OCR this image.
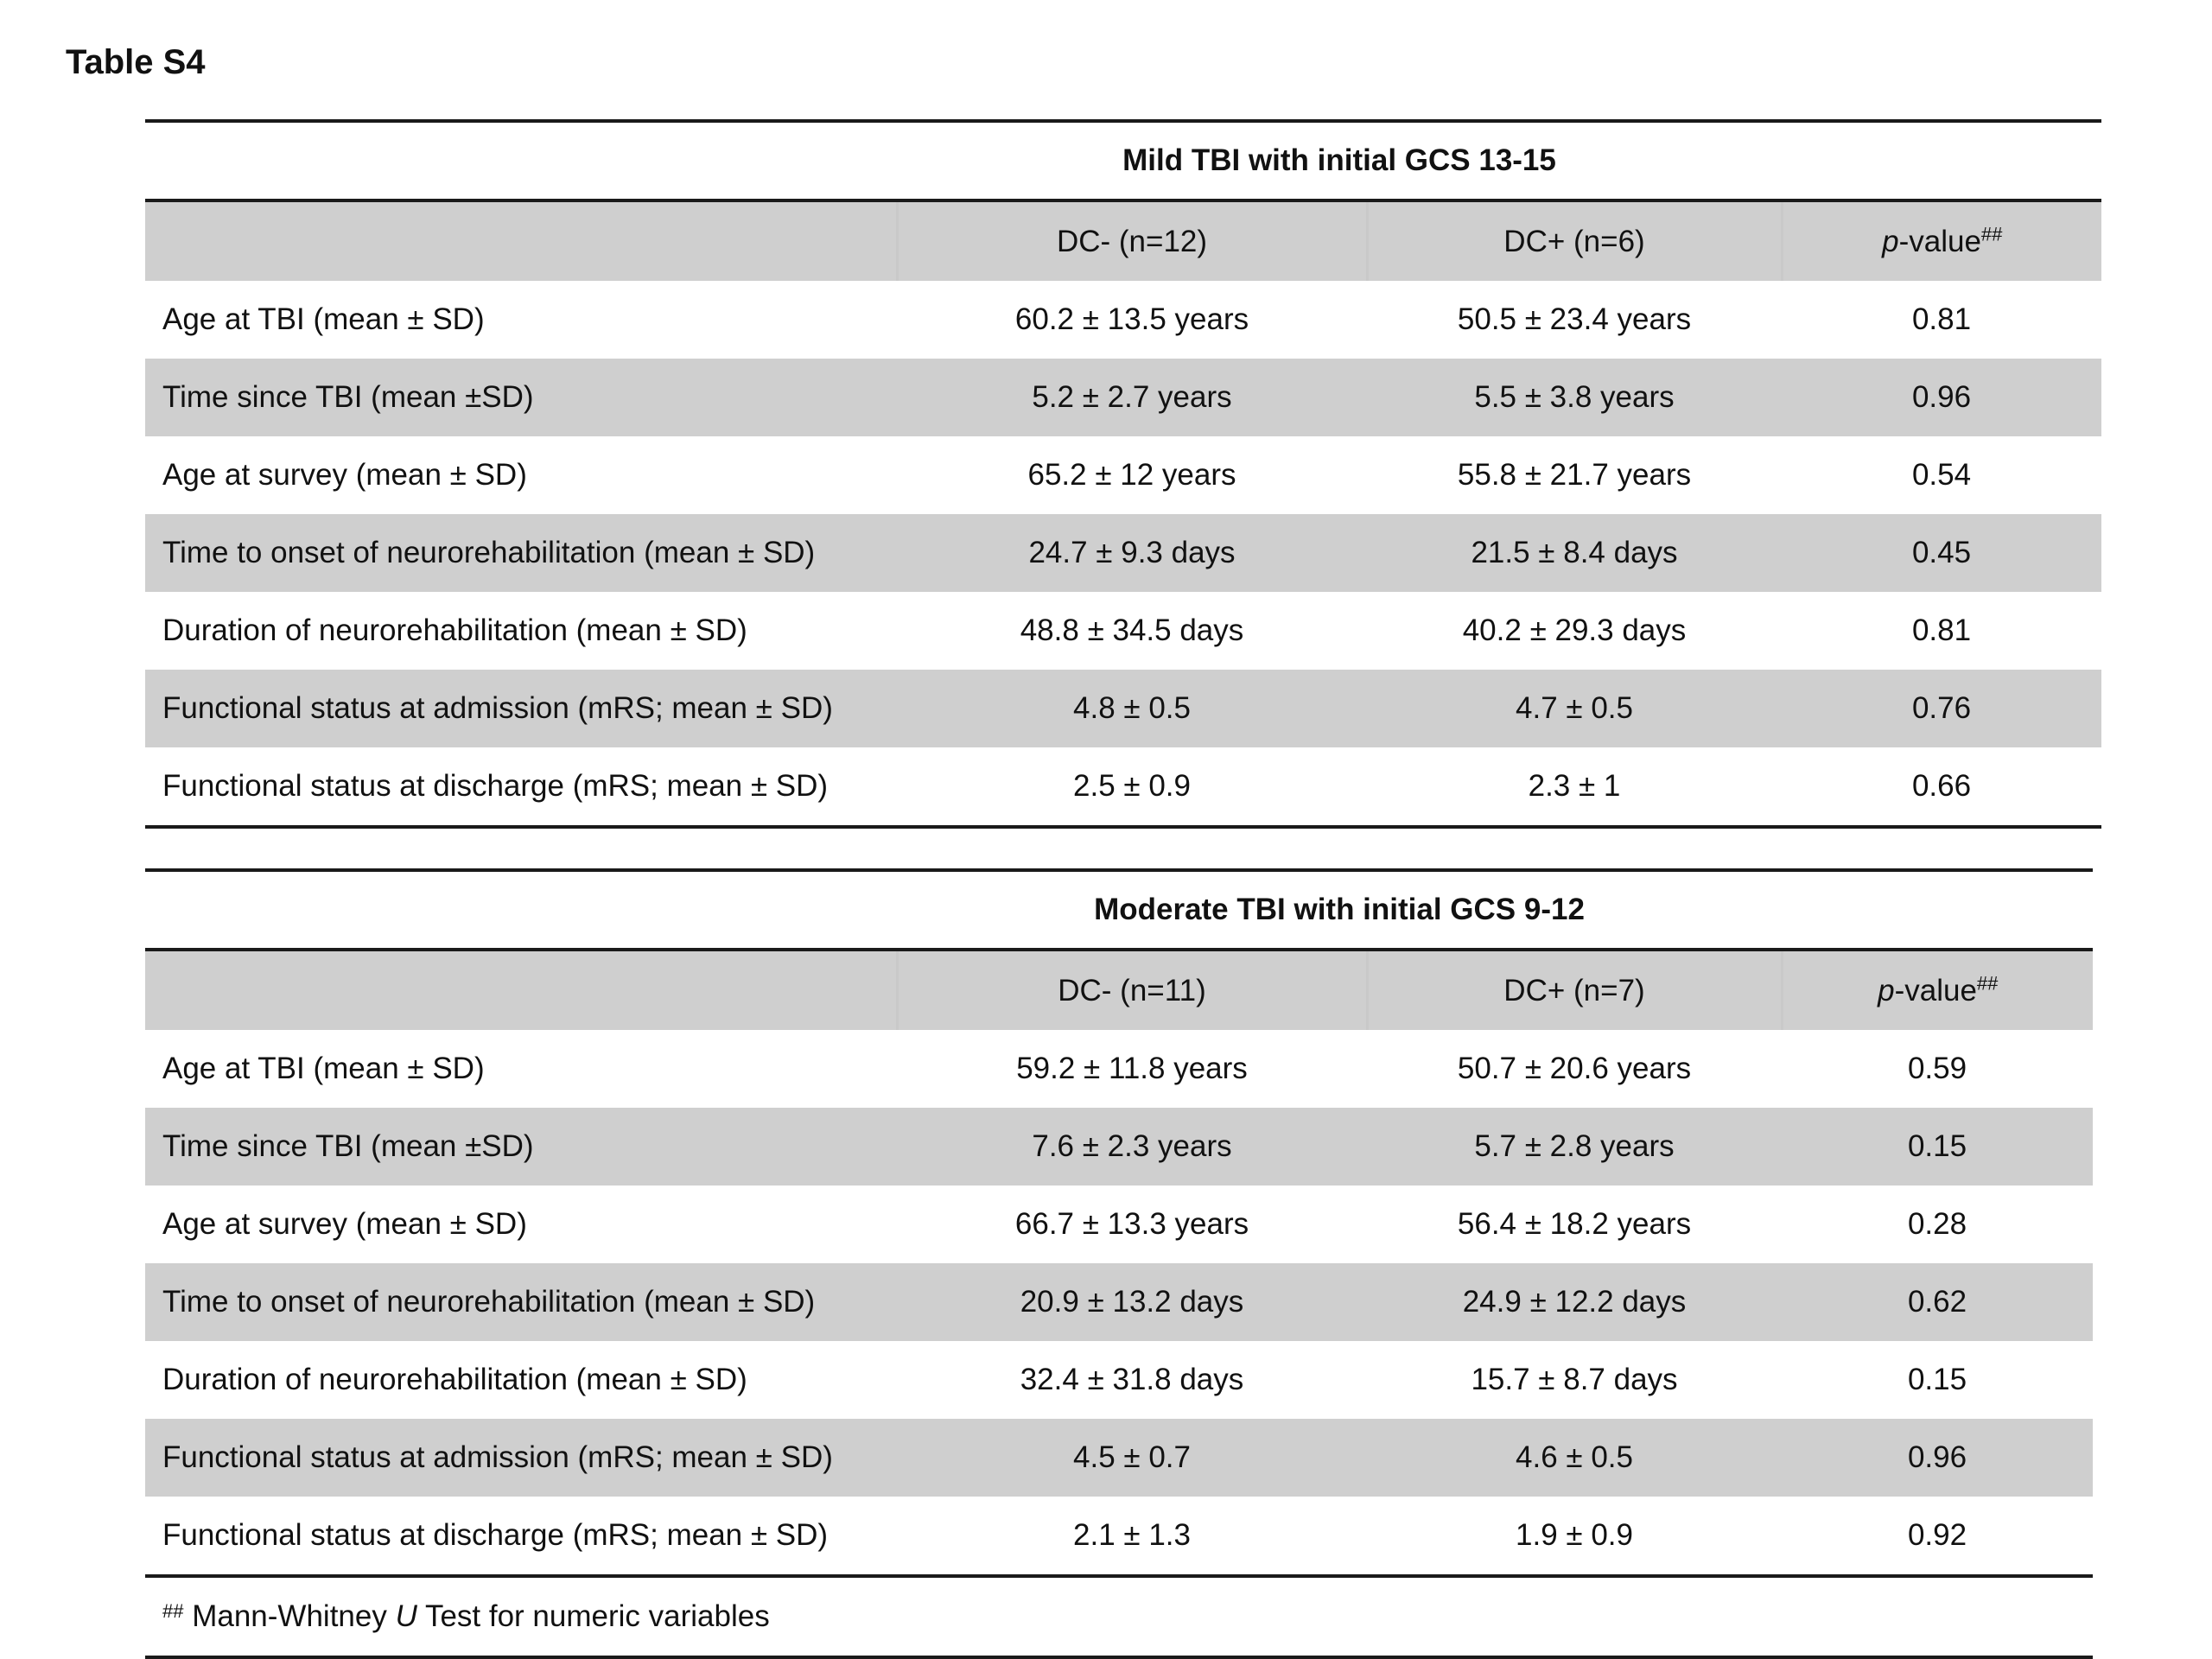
Table S4
	Mild TBI with initial GCS 13-15		
	DC- (n=12)	DC+ (n=6)	p-value##
Age at TBI (mean ± SD)	60.2 ± 13.5 years	50.5 ± 23.4 years	0.81
Time since TBI (mean ±SD)	5.2 ± 2.7 years	5.5 ± 3.8 years	0.96
Age at survey (mean ± SD)	65.2 ± 12 years	55.8 ± 21.7 years	0.54
Time to onset of neurorehabilitation (mean ± SD)	24.7 ± 9.3 days	21.5 ± 8.4 days	0.45
Duration of neurorehabilitation (mean ± SD)	48.8 ± 34.5 days	40.2 ± 29.3 days	0.81
Functional status at admission (mRS; mean ± SD)	4.8 ± 0.5	4.7 ± 0.5	0.76
Functional status at discharge (mRS; mean ± SD)	2.5 ± 0.9	2.3 ± 1	0.66
	Moderate TBI with initial GCS 9-12		
	DC- (n=11)	DC+ (n=7)	p-value##
Age at TBI (mean ± SD)	59.2 ± 11.8 years	50.7 ± 20.6 years	0.59
Time since TBI (mean ±SD)	7.6 ± 2.3 years	5.7 ± 2.8 years	0.15
Age at survey (mean ± SD)	66.7 ± 13.3 years	56.4 ± 18.2 years	0.28
Time to onset of neurorehabilitation (mean ± SD)	20.9 ± 13.2 days	24.9 ± 12.2 days	0.62
Duration of neurorehabilitation (mean ± SD)	32.4 ± 31.8 days	15.7 ± 8.7 days	0.15
Functional status at admission (mRS; mean ± SD)	4.5 ± 0.7	4.6 ± 0.5	0.96
Functional status at discharge (mRS; mean ± SD)	2.1 ± 1.3	1.9 ± 0.9	0.92
## Mann-Whitney U Test for numeric variables			
